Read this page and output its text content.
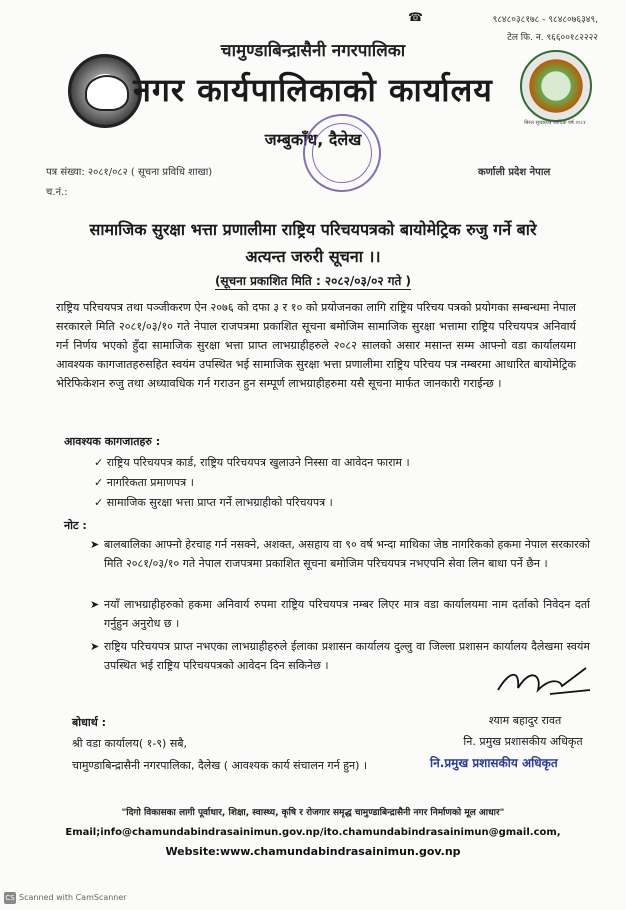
☎	९८४८०३८१७८ - ९८४८०७६३४९,
टेल फि. न. ९६६००१८२२२२
बिरल सूचकपत्र आर्थिक वर्ष २०८१
चामुण्डाबिन्द्रासैनी नगरपालिका
नगर कार्यपालिकाको कार्यालय
जम्बुकाँध, दैलेख
पत्र संख्या: २०८१/०८२ ( सूचना प्रविधि शाखा)	कर्णाली प्रदेश नेपाल
च.नं.:
सामाजिक सुरक्षा भत्ता प्रणालीमा राष्ट्रिय परिचयपत्रको बायोमेट्रिक रुजु गर्ने बारे
अत्यन्त जरुरी सूचना ।।
(सूचना प्रकाशित मिति : २०८२/०३/०२ गते )
राष्ट्रिय परिचयपत्र तथा पञ्जीकरण ऐन २०७६ को दफा ३ र १० को प्रयोजनका लागि राष्ट्रिय परिचय पत्रको प्रयोगका सम्बन्धमा नेपाल सरकारले मिति २०८१/०३/१० गते नेपाल राजपत्रमा प्रकाशित सूचना बमोजिम सामाजिक सुरक्षा भत्तामा राष्ट्रिय परिचयपत्र अनिवार्य गर्न निर्णय भएको हुँदा सामाजिक सुरक्षा भत्ता प्राप्त लाभग्राहीहरुले २०८२ सालको असार मसान्त सम्म आफ्नो वडा कार्यालयमा आवश्यक कागजातहरुसहित स्वयंम उपस्थित भई सामाजिक सुरक्षा भत्ता प्रणालीमा राष्ट्रिय परिचय पत्र नम्बरमा आधारित बायोमेट्रिक भेरिफिकेशन रुजु तथा अध्यावधिक गर्न गराउन हुन सम्पूर्ण लाभग्राहीहरुमा यसै सूचना मार्फत जानकारी गराईन्छ ।
आवश्यक कागजातहरु :
✓ राष्ट्रिय परिचयपत्र कार्ड, राष्ट्रिय परिचयपत्र खुलाउने निस्सा वा आवेदन फाराम ।
✓ नागरिकता प्रमाणपत्र ।
✓ सामाजिक सुरक्षा भत्ता प्राप्त गर्ने लाभग्राहीको परिचयपत्र ।
नोट :
➤ बालबालिका आफ्नो हेरचाह गर्न नसक्ने, अशक्त, असहाय वा ९० वर्ष भन्दा माथिका जेष्ठ नागरिकको हकमा नेपाल सरकारको मिति २०८१/०३/१० गते नेपाल राजपत्रमा प्रकाशित सूचना बमोजिम परिचयपत्र नभएपनि सेवा लिन बाधा पर्ने छैन ।
➤ नयाँ लाभग्राहीहरुको हकमा अनिवार्य रुपमा राष्ट्रिय परिचयपत्र नम्बर लिएर मात्र वडा कार्यालयमा नाम दर्ताको निवेदन दर्ता गर्नुहुन अनुरोध छ ।
➤ राष्ट्रिय परिचयपत्र प्राप्त नभएका लाभग्राहीहरुले ईलाका प्रशासन कार्यालय दुल्लु वा जिल्ला प्रशासन कार्यालय दैलेखमा स्वयंम उपस्थित भई राष्ट्रिय परिचयपत्रको आवेदन दिन सकिनेछ ।
श्याम बहादुर रावत
नि. प्रमुख प्रशासकीय अधिकृत
बोधार्थ :
श्री वडा कार्यालय( १-९) सबै,
चामुण्डाबिन्द्रासैनी नगरपालिका, दैलेख ( आवश्यक कार्य संचालन गर्न हुन) ।	नि.प्रमुख प्रशासकीय अधिकृत
"दिगो विकासका लागी पूर्वाधार, शिक्षा, स्वास्थ्य, कृषि र रोजगार समृद्ध चामुण्डाबिन्द्रासैनी नगर निर्माणको मूल आधार"
Email;info@chamundabindrasainimun.gov.np/ito.chamundabindrasainimun@gmail.com,
Website:www.chamundabindrasainimun.gov.np
CS Scanned with CamScanner
